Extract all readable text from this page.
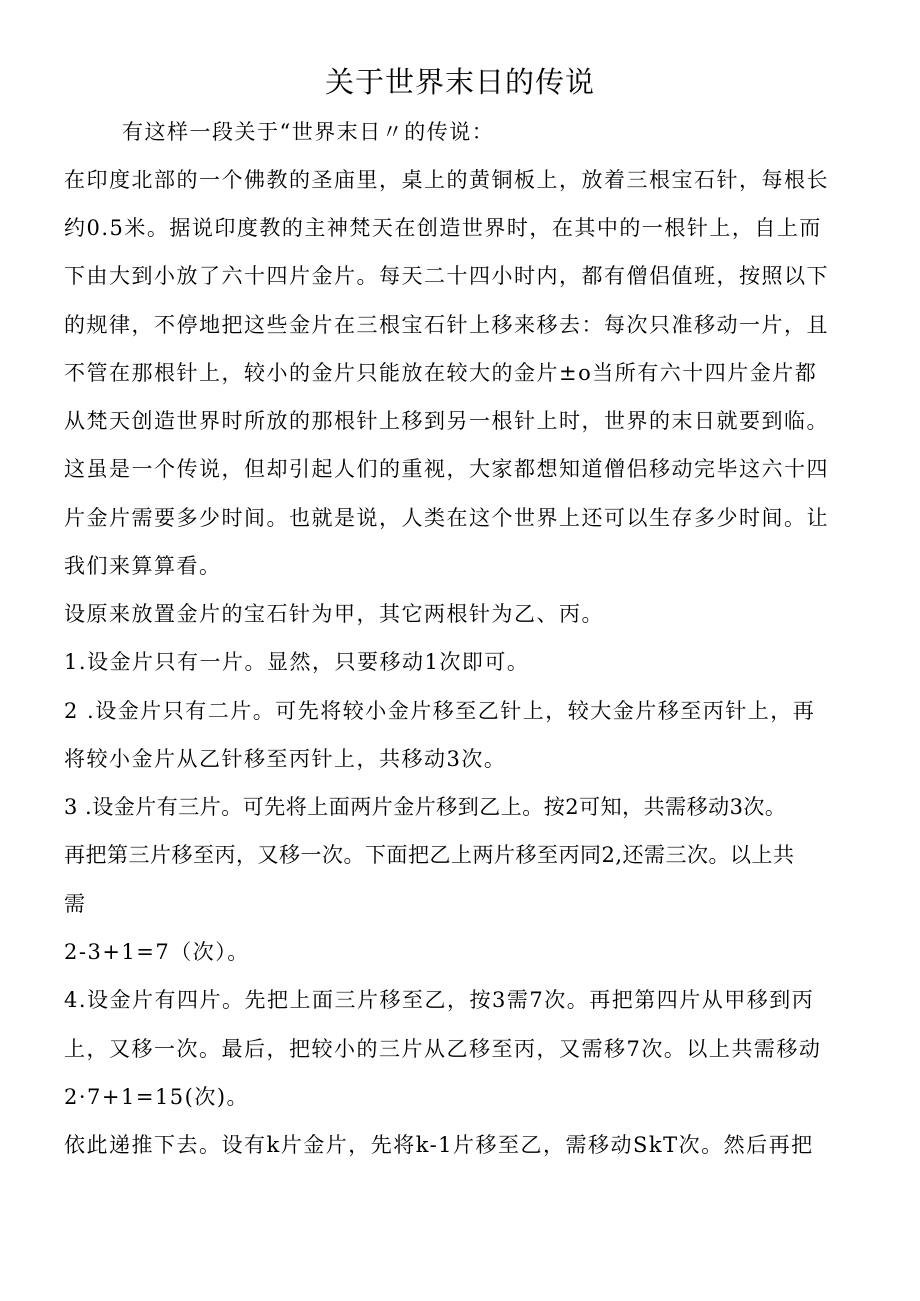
关于世界末日的传说
有这样一段关于“世界末日〃的传说：
在印度北部的一个佛教的圣庙里，桌上的黄铜板上，放着三根宝石针，每根长
约0.5米。据说印度教的主神梵天在创造世界时，在其中的一根针上，自上而
下由大到小放了六十四片金片。每天二十四小时内，都有僧侣值班，按照以下
的规律，不停地把这些金片在三根宝石针上移来移去：每次只准移动一片，且
不管在那根针上，较小的金片只能放在较大的金片±o当所有六十四片金片都
从梵天创造世界时所放的那根针上移到另一根针上时，世界的末日就要到临。
这虽是一个传说，但却引起人们的重视，大家都想知道僧侣移动完毕这六十四
片金片需要多少时间。也就是说，人类在这个世界上还可以生存多少时间。让
我们来算算看。
设原来放置金片的宝石针为甲，其它两根针为乙、丙。
1.设金片只有一片。显然，只要移动1次即可。
2 .设金片只有二片。可先将较小金片移至乙针上，较大金片移至丙针上，再
将较小金片从乙针移至丙针上，共移动3次。
3 .设金片有三片。可先将上面两片金片移到乙上。按2可知，共需移动3次。
再把第三片移至丙，又移一次。下面把乙上两片移至丙同2,还需三次。以上共
需
2-3+1=7（次）。
4.设金片有四片。先把上面三片移至乙，按3需7次。再把第四片从甲移到丙
上，又移一次。最后，把较小的三片从乙移至丙，又需移7次。以上共需移动
2·7+1=15(次)。
依此递推下去。设有k片金片，先将k-1片移至乙，需移动SkT次。然后再把
